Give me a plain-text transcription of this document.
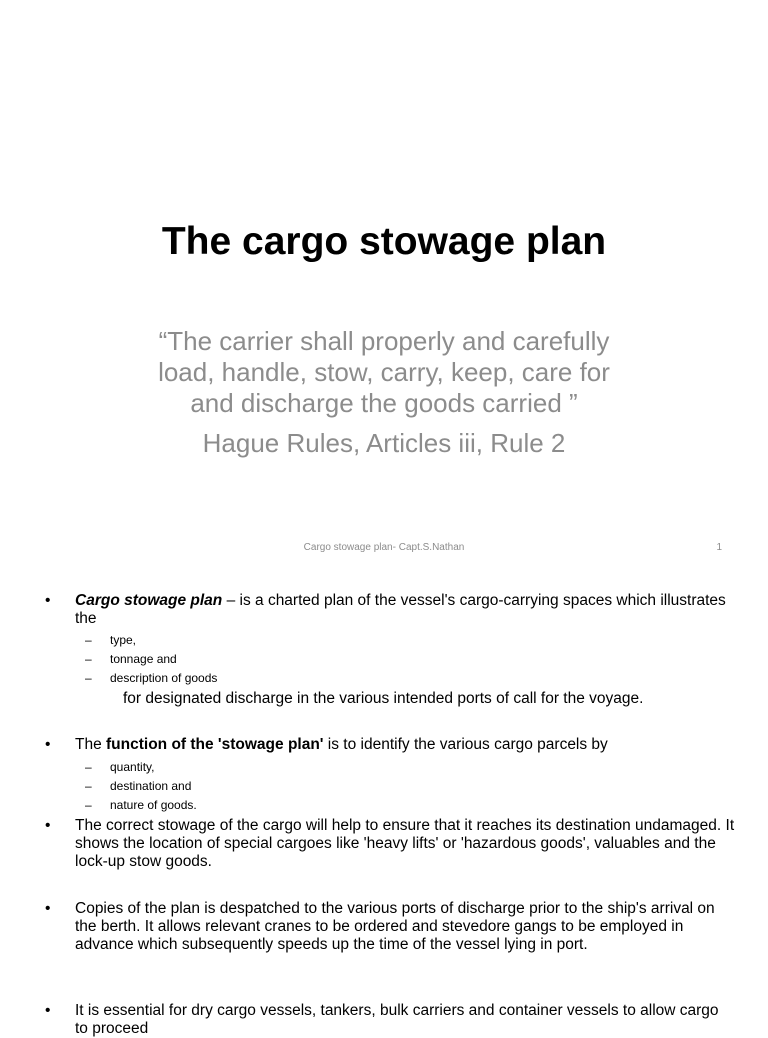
The cargo stowage plan
“The carrier shall properly and carefully
load, handle, stow, carry, keep, care for
and discharge the goods carried ”
Hague Rules, Articles iii, Rule 2
Cargo stowage plan- Capt.S.Nathan	1
• Cargo stowage plan – is a charted plan of the vessel's cargo-carrying spaces which illustrates the
– type,
– tonnage and
– description of goods
for designated discharge in the various intended ports of call for the voyage.
• The function of the 'stowage plan' is to identify the various cargo parcels by
– quantity,
– destination and
– nature of goods.
• The correct stowage of the cargo will help to ensure that it reaches its destination undamaged. It shows the location of special cargoes like 'heavy lifts' or 'hazardous goods', valuables and the lock-up stow goods.
• Copies of the plan is despatched to the various ports of discharge prior to the ship's arrival on the berth. It allows relevant cranes to be ordered and stevedore gangs to be employed in advance which subsequently speeds up the time of the vessel lying in port.
• It is essential for dry cargo vessels, tankers, bulk carriers and container vessels to allow cargo to proceed
